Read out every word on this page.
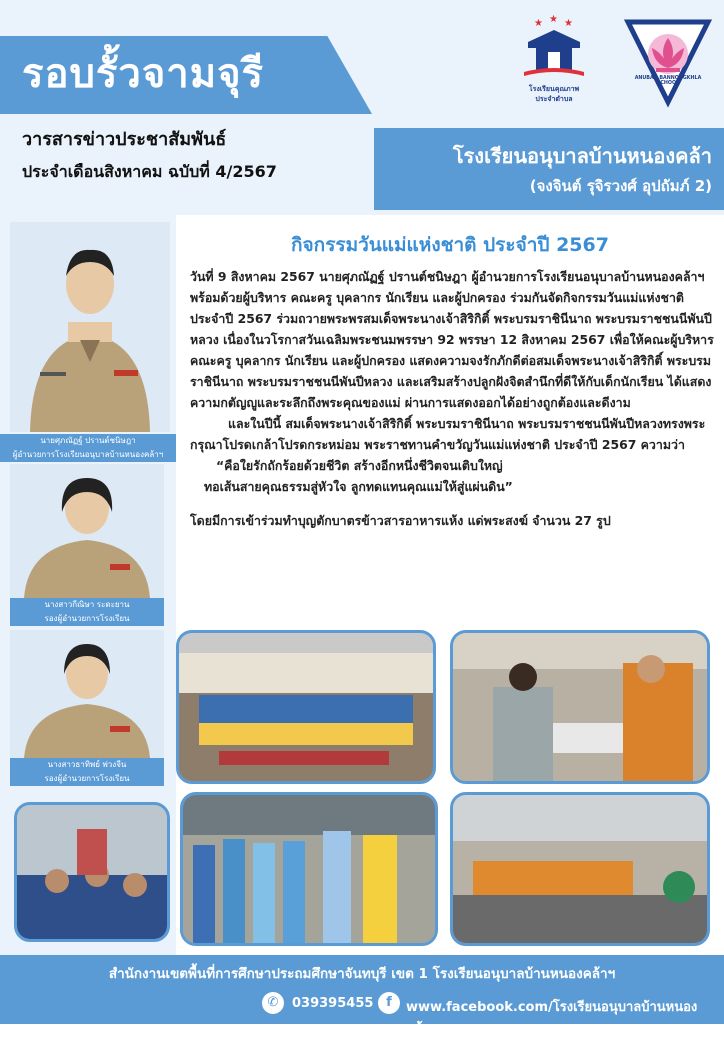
รอบรั้วจามจุรี
วารสารข่าวประชาสัมพันธ์
ประจำเดือนสิงหาคม ฉบับที่ 4/2567
โรงเรียนอนุบาลบ้านหนองคล้า
(จงจินต์ รุจิรวงศ์ อุปถัมภ์ 2)
★ ★ ★
โรงเรียนคุณภาพ
ประจำตำบล
ANUBAN BANNONGKHLA SCHOOL
นายศุภณัฏฐ์ ปรานต์ชนิษฎา
ผู้อำนวยการโรงเรียนอนุบาลบ้านหนองคล้าฯ
นางสาวกีณิษา ระดะยาน
รองผู้อำนวยการโรงเรียน
นางสาวธาทิพย์ พ่วงจีน
รองผู้อำนวยการโรงเรียน
กิจกรรมวันแม่แห่งชาติ ประจำปี 2567

วันที่ 9 สิงหาคม 2567 นายศุภณัฏฐ์ ปรานต์ชนิษฎา ผู้อำนวยการโรงเรียนอนุบาลบ้านหนองคล้าฯ พร้อมด้วยผู้บริหาร คณะครู บุคลากร นักเรียน และผู้ปกครอง ร่วมกันจัดกิจกรรมวันแม่แห่งชาติ ประจำปี 2567 ร่วมถวายพระพรสมเด็จพระนางเจ้าสิริกิติ์ พระบรมราชินีนาถ พระบรมราชชนนีพันปีหลวง เนื่องในวโรกาสวันเฉลิมพระชนมพรรษา 92 พรรษา 12 สิงหาคม 2567 เพื่อให้คณะผู้บริหาร คณะครู บุคลากร นักเรียน และผู้ปกครอง แสดงความจงรักภักดีต่อสมเด็จพระนางเจ้าสิริกิติ์ พระบรมราชินีนาถ พระบรมราชชนนีพันปีหลวง และเสริมสร้างปลูกฝังจิตสำนึกที่ดีให้กับเด็กนักเรียน ได้แสดงความกตัญญูและระลึกถึงพระคุณของแม่ ผ่านการแสดงออกได้อย่างถูกต้องและดีงาม

และในปีนี้ สมเด็จพระนางเจ้าสิริกิติ์ พระบรมราชินีนาถ พระบรมราชชนนีพันปีหลวงทรงพระกรุณาโปรดเกล้าโปรดกระหม่อม พระราชทานคำขวัญวันแม่แห่งชาติ ประจำปี 2567 ความว่า

“คือใยรักถักร้อยด้วยชีวิต สร้างอีกหนึ่งชีวิตจนเติบใหญ่

ทอเส้นสายคุณธรรมสู่หัวใจ ลูกทดแทนคุณแม่ให้สู่แผ่นดิน”

โดยมีการเข้าร่วมทำบุญตักบาตรข้าวสารอาหารแห้ง แด่พระสงฆ์ จำนวน 27 รูป

สำนักงานเขตพื้นที่การศึกษาประถมศึกษาจันทบุรี เขต 1 โรงเรียนอนุบาลบ้านหนองคล้าฯ
✆	039395455 f	www.facebook.com/โรงเรียนอนุบาลบ้านหนองคล้าฯ
